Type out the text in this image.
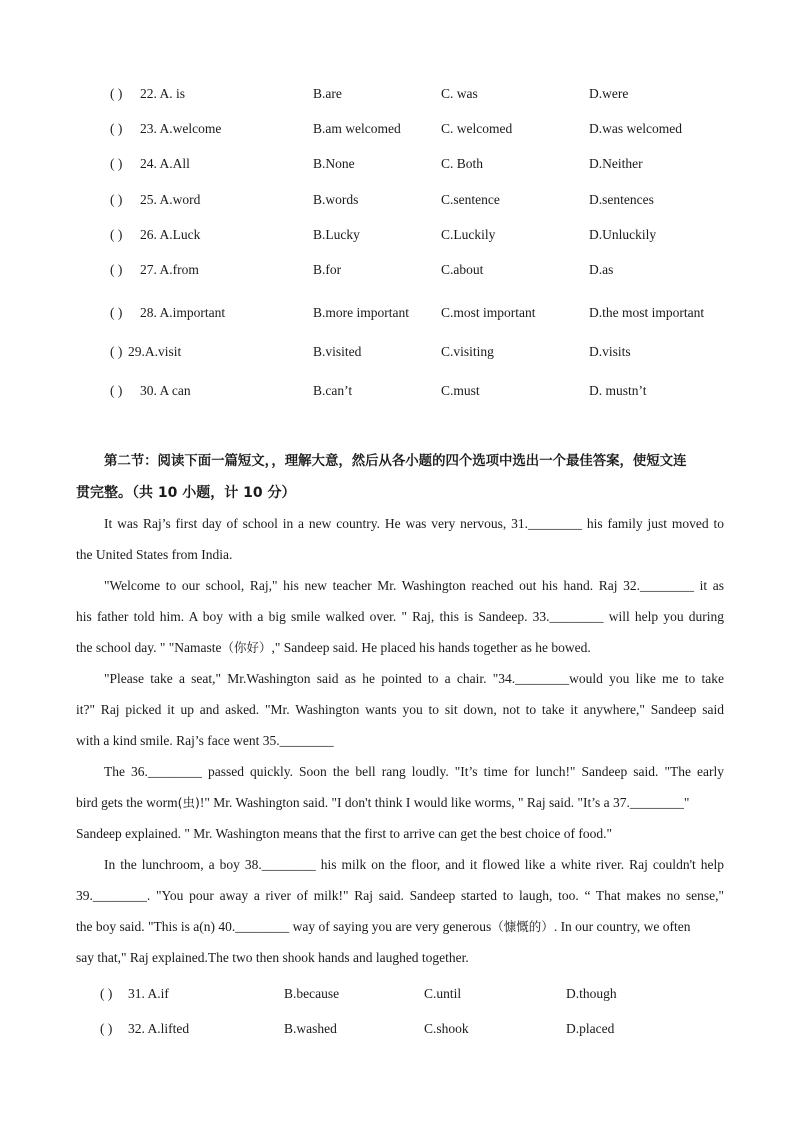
( ) 22. A. is	B.are	C. was	D.were
( ) 23. A.welcome	B.am welcomed	C. welcomed	D.was welcomed
( ) 24. A.All	B.None	C. Both	D.Neither
( ) 25. A.word	B.words	C.sentence	D.sentences
( ) 26. A.Luck	B.Lucky	C.Luckily	D.Unluckily
( ) 27. A.from	B.for	C.about	D.as
( ) 28. A.important	B.more important C.most important	D.the most important
( ) 29.A.visit	B.visited	C.visiting	D.visits
( ) 30. A can	B.can’t	C.must	D. mustn’t
第二节：阅读下面一篇短文，，理解大意，然后从各小题的四个选项中选出一个最佳答案，使短文连
贯完整。（共 10 小题，计 10 分）
It was Raj’s first day of school in a new country. He was very nervous, 31.________ his family just moved to
the United States from India.
"Welcome to our school, Raj," his new teacher Mr. Washington reached out his hand. Raj 32.________ it as
his father told him. A boy with a big smile walked over. " Raj, this is Sandeep. 33.________ will help you during
the school day. " "Namaste（你好）," Sandeep said. He placed his hands together as he bowed.
"Please take a seat," Mr.Washington said as he pointed to a chair. "34.________would you like me to take
it?" Raj picked it up and asked. "Mr. Washington wants you to sit down, not to take it anywhere," Sandeep said
with a kind smile. Raj’s face went 35.________
The 36.________ passed quickly. Soon the bell rang loudly. "It’s time for lunch!" Sandeep said. "The early
bird gets the worm(虫)!" Mr. Washington said. "I don't think I would like worms, " Raj said. "It’s a 37.________"
Sandeep explained. " Mr. Washington means that the first to arrive can get the best choice of food."
In the lunchroom, a boy 38.________ his milk on the floor, and it flowed like a white river. Raj couldn't help
39.________. "You pour away a river of milk!" Raj said. Sandeep started to laugh, too. “ That makes no sense,"
the boy said. "This is a(n) 40.________ way of saying you are very generous（慷慨的）. In our country, we often
say that," Raj explained.The two then shook hands and laughed together.
( ) 31. A.if	B.because	C.until	D.though
( ) 32. A.lifted	B.washed	C.shook	D.placed
